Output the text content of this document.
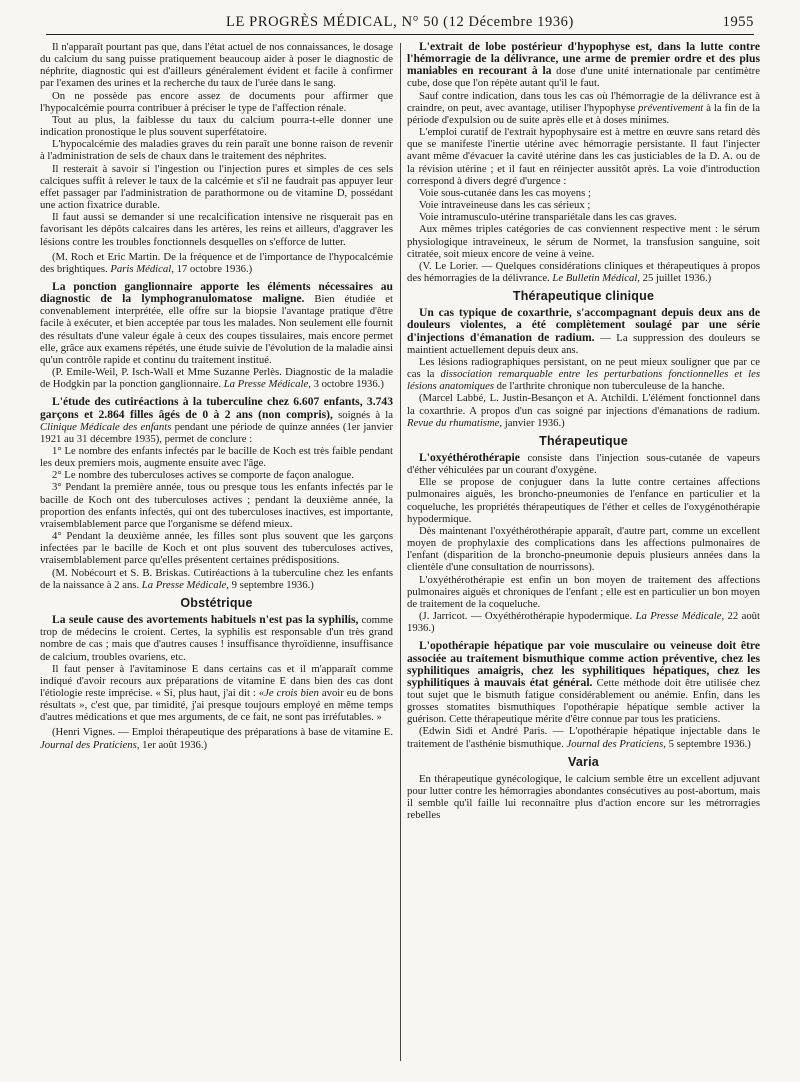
LE PROGRÈS MÉDICAL, N° 50 (12 Décembre 1936)	1955

Il n'apparaît pourtant pas que, dans l'état actuel de nos connaissances, le dosage du calcium du sang puisse pratiquement beaucoup aider à poser le diagnostic de néphrite, diagnostic qui est d'ailleurs généralement évident et facile à confirmer par l'examen des urines et la recherche du taux de l'urée dans le sang.

On ne possède pas encore assez de documents pour affirmer que l'hypocalcémie pourra contribuer à préciser le type de l'affection rénale.

Tout au plus, la faiblesse du taux du calcium pourra-t-elle donner une indication pronostique le plus souvent superfétatoire.

L'hypocalcémie des maladies graves du rein paraît une bonne raison de revenir à l'administration de sels de chaux dans le traitement des néphrites.

Il resterait à savoir si l'ingestion ou l'injection pures et simples de ces sels calciques suffit à relever le taux de la calcémie et s'il ne faudrait pas appuyer leur effet passager par l'administration de parathormone ou de vitamine D, possédant une action fixatrice durable.

Il faut aussi se demander si une recalcification intensive ne risquerait pas en favorisant les dépôts calcaires dans les artères, les reins et ailleurs, d'aggraver les lésions contre les troubles fonctionnels desquelles on s'efforce de lutter.

(M. Roch et Eric Martin. De la fréquence et de l'importance de l'hypocalcémie des brightiques. Paris Médical, 17 octobre 1936.)

La ponction ganglionnaire apporte les éléments nécessaires au diagnostic de la lymphogranulomatose maligne. Bien étudiée et convenablement interprétée, elle offre sur la biopsie l'avantage pratique d'être facile à exécuter, et bien acceptée par tous les malades. Non seulement elle fournit des résultats d'une valeur égale à ceux des coupes tissulaires, mais encore permet elle, grâce aux examens répétés, une étude suivie de l'évolution de la maladie ainsi qu'un contrôle rapide et continu du traitement institué.

(P. Emile-Weil, P. Isch-Wall et Mme Suzanne Perlès. Diagnostic de la maladie de Hodgkin par la ponction ganglionnaire. La Presse Médicale, 3 octobre 1936.)

L'étude des cutiréactions à la tuberculine chez 6.607 enfants, 3.743 garçons et 2.864 filles âgés de 0 à 2 ans (non compris), soignés à la Clinique Médicale des enfants pendant une période de quinze années (1er janvier 1921 au 31 décembre 1935), permet de conclure :

1° Le nombre des enfants infectés par le bacille de Koch est très faible pendant les deux premiers mois, augmente ensuite avec l'âge.

2° Le nombre des tuberculoses actives se comporte de façon analogue.

3° Pendant la première année, tous ou presque tous les enfants infectés par le bacille de Koch ont des tuberculoses actives ; pendant la deuxième année, la proportion des enfants infectés, qui ont des tuberculoses inactives, est importante, vraisemblablement parce que l'organisme se défend mieux.

4° Pendant la deuxième année, les filles sont plus souvent que les garçons infectées par le bacille de Koch et ont plus souvent des tuberculoses actives, vraisemblablement parce qu'elles présentent certaines prédispositions.

(M. Nobécourt et S. B. Briskas. Cutiréactions à la tuberculine chez les enfants de la naissance à 2 ans. La Presse Médicale, 9 septembre 1936.)

Obstétrique

La seule cause des avortements habituels n'est pas la syphilis, comme trop de médecins le croient. Certes, la syphilis est responsable d'un très grand nombre de cas ; mais que d'autres causes ! insuffisance thyroïdienne, insuffisance de calcium, troubles ovariens, etc.

Il faut penser à l'avitaminose E dans certains cas et il m'apparaît comme indiqué d'avoir recours aux préparations de vitamine E dans bien des cas dont l'étiologie reste imprécise. « Si, plus haut, j'ai dit : «Je crois bien avoir eu de bons résultats », c'est que, par timidité, j'ai presque toujours employé en même temps d'autres médications et que mes arguments, de ce fait, ne sont pas irréfutables. »

(Henri Vignes. — Emploi thérapeutique des préparations à base de vitamine E. Journal des Praticiens, 1er août 1936.)

L'extrait de lobe postérieur d'hypophyse est, dans la lutte contre l'hémorragie de la délivrance, une arme de premier ordre et des plus maniables en recourant à la dose d'une unité internationale par centimètre cube, dose que l'on répète autant qu'il le faut.

Sauf contre indication, dans tous les cas où l'hémorragie de la délivrance est à craindre, on peut, avec avantage, utiliser l'hypophyse préventivement à la fin de la période d'expulsion ou de suite après elle et à doses minimes.

L'emploi curatif de l'extrait hypophysaire est à mettre en œuvre sans retard dès que se manifeste l'inertie utérine avec hémorragie persistante. Il faut l'injecter avant même d'évacuer la cavité utérine dans les cas justiciables de la D. A. ou de la révision utérine ; et il faut en réinjecter aussitôt après. La voie d'introduction correspond à divers degré d'urgence :

Voie sous-cutanée dans les cas moyens ;

Voie intraveineuse dans les cas sérieux ;

Voie intramusculo-utérine transpariétale dans les cas graves.

Aux mêmes triples catégories de cas conviennent respective ment : le sérum physiologique intraveineux, le sérum de Normet, la transfusion sanguine, soit citratée, soit mieux encore de veine à veine.

(V. Le Lorier. — Quelques considérations cliniques et thérapeutiques à propos des hémorragies de la délivrance. Le Bulletin Médical, 25 juillet 1936.)

Thérapeutique clinique

Un cas typique de coxarthrie, s'accompagnant depuis deux ans de douleurs violentes, a été complètement soulagé par une série d'injections d'émanation de radium. — La suppression des douleurs se maintient actuellement depuis deux ans.

Les lésions radiographiques persistant, on ne peut mieux souligner que par ce cas la dissociation remarquable entre les perturbations fonctionnelles et les lésions anatomiques de l'arthrite chronique non tuberculeuse de la hanche.

(Marcel Labbé, L. Justin-Besançon et A. Atchildi. L'élément fonctionnel dans la coxarthrie. A propos d'un cas soigné par injections d'émanations de radium. Revue du rhumatisme, janvier 1936.)

Thérapeutique

L'oxyéthérothérapie consiste dans l'injection sous-cutanée de vapeurs d'éther véhiculées par un courant d'oxygène.

Elle se propose de conjuguer dans la lutte contre certaines affections pulmonaires aiguës, les broncho-pneumonies de l'enfance en particulier et la coqueluche, les propriétés thérapeutiques de l'éther et celles de l'oxygénothérapie hypodermique.

Dès maintenant l'oxyéthérothérapie apparaît, d'autre part, comme un excellent moyen de prophylaxie des complications dans les affections pulmonaires de l'enfant (disparition de la broncho-pneumonie depuis plusieurs années dans la clientèle d'une consultation de nourrissons).

L'oxyéthérothérapie est enfin un bon moyen de traitement des affections pulmonaires aiguës et chroniques de l'enfant ; elle est en particulier un bon moyen de traitement de la coqueluche.

(J. Jarricot. — Oxyéthérothérapie hypodermique. La Presse Médicale, 22 août 1936.)

L'opothérapie hépatique par voie musculaire ou veineuse doit être associée au traitement bismuthique comme action préventive, chez les syphilitiques amaigris, chez les syphilitiques hépatiques, chez les syphilitiques à mauvais état général. Cette méthode doit être utilisée chez tout sujet que le bismuth fatigue considérablement ou anémie. Enfin, dans les grosses stomatites bismuthiques l'opothérapie hépatique semble activer la guérison. Cette thérapeutique mérite d'être connue par tous les praticiens.

(Edwin Sidi et André Paris. — L'opothérapie hépatique injectable dans le traitement de l'asthénie bismuthique. Journal des Praticiens, 5 septembre 1936.)

Varia

En thérapeutique gynécologique, le calcium semble être un excellent adjuvant pour lutter contre les hémorragies abondantes consécutives au post-abortum, mais il semble qu'il faille lui reconnaître plus d'action encore sur les métrorragies rebelles
